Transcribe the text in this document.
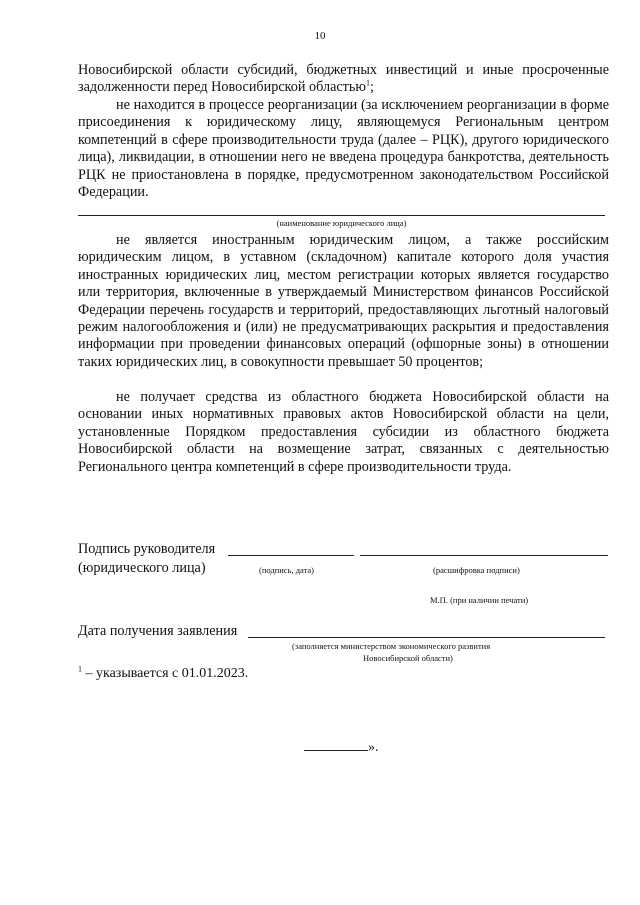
10

Новосибирской области субсидий, бюджетных инвестиций и иные просроченные задолженности перед Новосибирской областью$^1$;

не находится в процессе реорганизации (за исключением реорганизации в форме присоединения к юридическому лицу, являющемуся Региональным центром компетенций в сфере производительности труда (далее – РЦК), другого юридического лица), ликвидации, в отношении него не введена процедура банкротства, деятельность РЦК не приостановлена в порядке, предусмотренном законодательством Российской Федерации.

(наименование юридического лица)

не является иностранным юридическим лицом, а также российским юридическим лицом, в уставном (складочном) капитале которого доля участия иностранных юридических лиц, местом регистрации которых является государство или территория, включенные в утверждаемый Министерством финансов Российской Федерации перечень государств и территорий, предоставляющих льготный налоговый режим налогообложения и (или) не предусматривающих раскрытия и предоставления информации при проведении финансовых операций (офшорные зоны) в отношении таких юридических лиц, в совокупности превышает 50 процентов;

не получает средства из областного бюджета Новосибирской области на основании иных нормативных правовых актов Новосибирской области на цели, установленные Порядком предоставления субсидии из областного бюджета Новосибирской области на возмещение затрат, связанных с деятельностью Регионального центра компетенций в сфере производительности труда.

Подпись руководителя
(юридического лица)	(подпись, дата)	(расшифровка подписи)
М.П. (при наличии печати)
Дата получения заявления
(заполняется министерством экономического развития
Новосибирской области)
$^1$ – указывается с 01.01.2023.
».
